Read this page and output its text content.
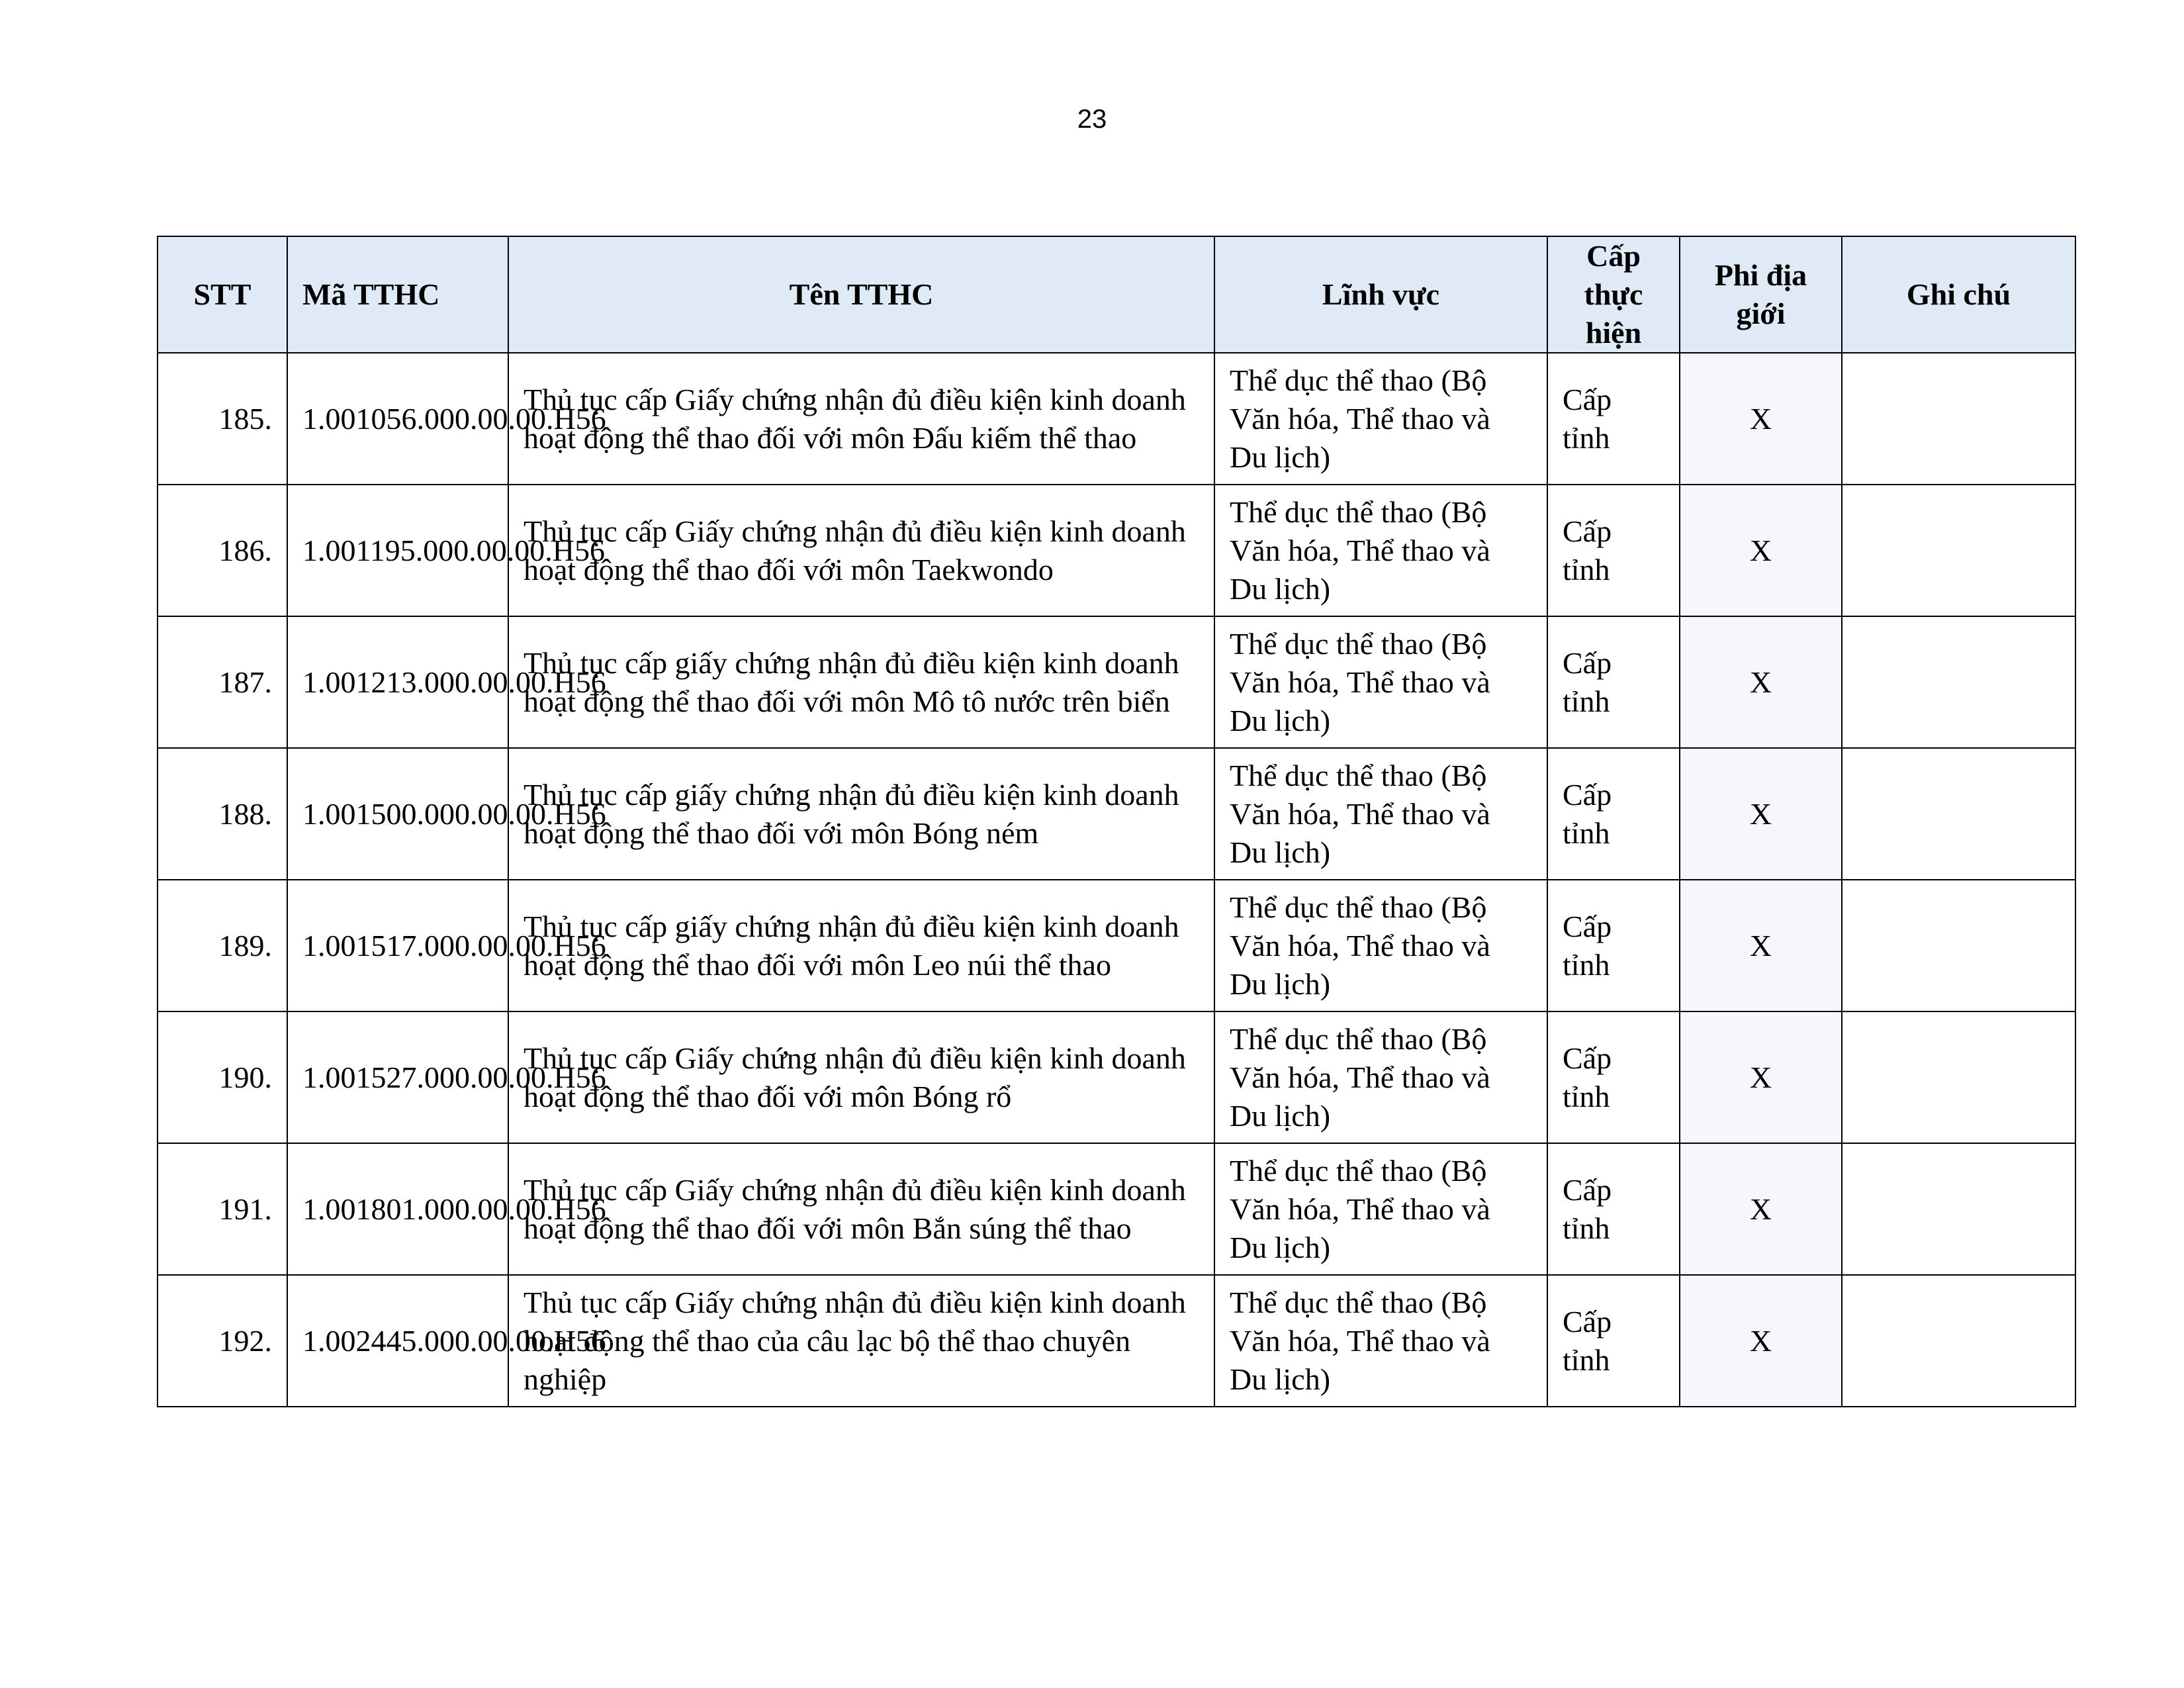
23
STT	Mã TTHC	Tên TTHC	Lĩnh vực	Cấp thực hiện	Phi địa giới	Ghi chú
185.	1.001056.000.00.00.H56	Thủ tục cấp Giấy chứng nhận đủ điều kiện kinh doanh hoạt động thể thao đối với môn Đấu kiếm thể thao	Thể dục thể thao (Bộ Văn hóa, Thể thao và Du lịch)	Cấp tỉnh	X	
186.	1.001195.000.00.00.H56	Thủ tục cấp Giấy chứng nhận đủ điều kiện kinh doanh hoạt động thể thao đối với môn Taekwondo	Thể dục thể thao (Bộ Văn hóa, Thể thao và Du lịch)	Cấp tỉnh	X	
187.	1.001213.000.00.00.H56	Thủ tục cấp giấy chứng nhận đủ điều kiện kinh doanh hoạt động thể thao đối với môn Mô tô nước trên biển	Thể dục thể thao (Bộ Văn hóa, Thể thao và Du lịch)	Cấp tỉnh	X	
188.	1.001500.000.00.00.H56	Thủ tục cấp giấy chứng nhận đủ điều kiện kinh doanh hoạt động thể thao đối với môn Bóng ném	Thể dục thể thao (Bộ Văn hóa, Thể thao và Du lịch)	Cấp tỉnh	X	
189.	1.001517.000.00.00.H56	Thủ tục cấp giấy chứng nhận đủ điều kiện kinh doanh hoạt động thể thao đối với môn Leo núi thể thao	Thể dục thể thao (Bộ Văn hóa, Thể thao và Du lịch)	Cấp tỉnh	X	
190.	1.001527.000.00.00.H56	Thủ tục cấp Giấy chứng nhận đủ điều kiện kinh doanh hoạt động thể thao đối với môn Bóng rổ	Thể dục thể thao (Bộ Văn hóa, Thể thao và Du lịch)	Cấp tỉnh	X	
191.	1.001801.000.00.00.H56	Thủ tục cấp Giấy chứng nhận đủ điều kiện kinh doanh hoạt động thể thao đối với môn Bắn súng thể thao	Thể dục thể thao (Bộ Văn hóa, Thể thao và Du lịch)	Cấp tỉnh	X	
192.	1.002445.000.00.00.H56	Thủ tục cấp Giấy chứng nhận đủ điều kiện kinh doanh hoạt động thể thao của câu lạc bộ thể thao chuyên nghiệp	Thể dục thể thao (Bộ Văn hóa, Thể thao và Du lịch)	Cấp tỉnh	X	
